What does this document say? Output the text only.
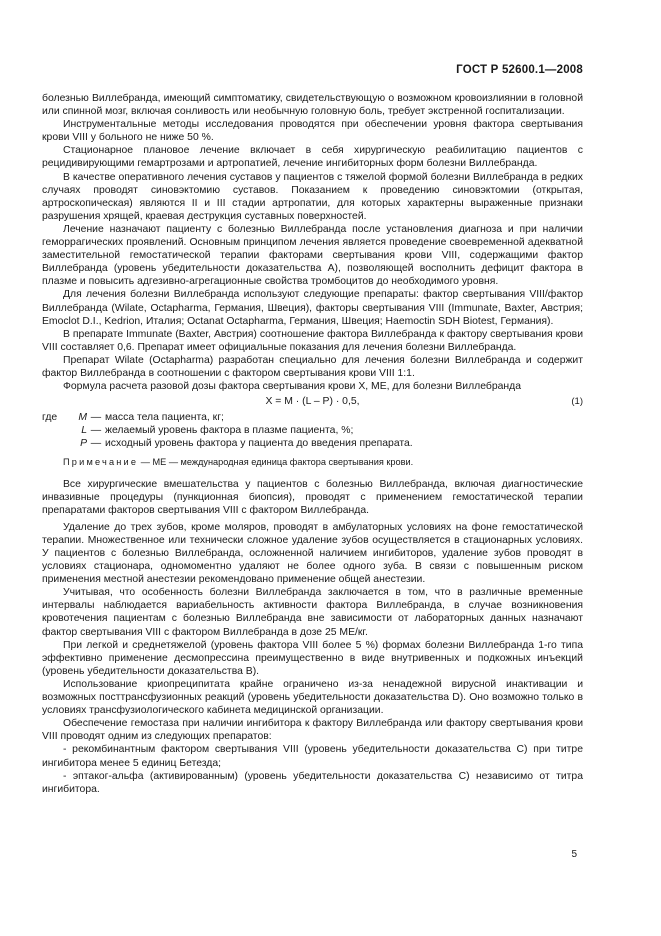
ГОСТ Р 52600.1—2008

болезнью Виллебранда, имеющий симптоматику, свидетельствующую о возможном кровоизлиянии в головной или спинной мозг, включая сонливость или необычную головную боль, требует экстренной госпитализации.

Инструментальные методы исследования проводятся при обеспечении уровня фактора свертывания крови VIII у больного не ниже 50 %.

Стационарное плановое лечение включает в себя хирургическую реабилитацию пациентов с рецидивирующими гемартрозами и артропатией, лечение ингибиторных форм болезни Виллебранда.

В качестве оперативного лечения суставов у пациентов с тяжелой формой болезни Виллебранда в редких случаях проводят синовэктомию суставов. Показанием к проведению синовэктомии (открытая, артроскопическая) являются II и III стадии артропатии, для которых характерны выраженные признаки разрушения хрящей, краевая деструкция суставных поверхностей.

Лечение назначают пациенту с болезнью Виллебранда после установления диагноза и при наличии геморрагических проявлений. Основным принципом лечения является проведение своевременной адекватной заместительной гемостатической терапии факторами свертывания крови VIII, содержащими фактор Виллебранда (уровень убедительности доказательства А), позволяющей восполнить дефицит фактора в плазме и повысить адгезивно-агрегационные свойства тромбоцитов до необходимого уровня.

Для лечения болезни Виллебранда используют следующие препараты: фактор свертывания VIII/фактор Виллебранда (Wilate, Octapharma, Германия, Швеция), факторы свертывания VIII (Immunate, Baxter, Австрия; Emoclot D.I., Kedrion, Италия; Octanat Octapharma, Германия, Швеция; Haemoctin SDH Biotest, Германия).

В препарате Immunate (Baxter, Австрия) соотношение фактора Виллебранда к фактору свертывания крови VIII составляет 0,6. Препарат имеет официальные показания для лечения болезни Виллебранда.

Препарат Wilate (Octapharma) разработан специально для лечения болезни Виллебранда и содержит фактор Виллебранда в соотношении с фактором свертывания крови VIII 1:1.

Формула расчета разовой дозы фактора свертывания крови X, МЕ, для болезни Виллебранда

X = M · (L – P) · 0,5,	(1)
где	M — масса тела пациента, кг;
L — желаемый уровень фактора в плазме пациента, %;
P — исходный уровень фактора у пациента до введения препарата.

Примечание — МЕ — международная единица фактора свертывания крови.

Все хирургические вмешательства у пациентов с болезнью Виллебранда, включая диагностические инвазивные процедуры (пункционная биопсия), проводят с применением гемостатической терапии препаратами факторов свертывания VIII с фактором Виллебранда.

Удаление до трех зубов, кроме моляров, проводят в амбулаторных условиях на фоне гемостатической терапии. Множественное или технически сложное удаление зубов осуществляется в стационарных условиях. У пациентов с болезнью Виллебранда, осложненной наличием ингибиторов, удаление зубов проводят в условиях стационара, одномоментно удаляют не более одного зуба. В связи с повышенным риском применения местной анестезии рекомендовано применение общей анестезии.

Учитывая, что особенность болезни Виллебранда заключается в том, что в различные временные интервалы наблюдается вариабельность активности фактора Виллебранда, в случае возникновения кровотечения пациентам с болезнью Виллебранда вне зависимости от лабораторных данных назначают фактор свертывания VIII с фактором Виллебранда в дозе 25 МЕ/кг.

При легкой и среднетяжелой (уровень фактора VIII более 5 %) формах болезни Виллебранда 1-го типа эффективно применение десмопрессина преимущественно в виде внутривенных и подкожных инъекций (уровень убедительности доказательства В).

Использование криопреципитата крайне ограничено из-за ненадежной вирусной инактивации и возможных посттрансфузионных реакций (уровень убедительности доказательства D). Оно возможно только в условиях трансфузиологического кабинета медицинской организации.

Обеспечение гемостаза при наличии ингибитора к фактору Виллебранда или фактору свертывания крови VIII проводят одним из следующих препаратов:

- рекомбинантным фактором свертывания VIII (уровень убедительности доказательства С) при титре ингибитора менее 5 единиц Бетезда;

- эптаког-альфа (активированным) (уровень убедительности доказательства С) независимо от титра ингибитора.

5
